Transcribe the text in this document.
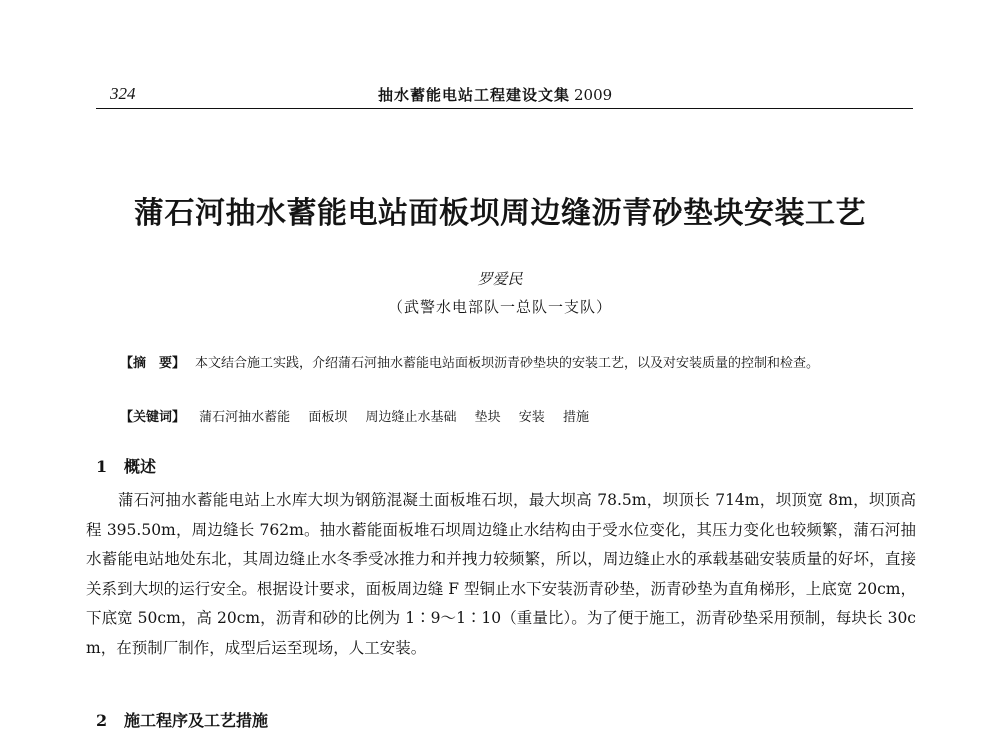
324	抽水蓄能电站工程建设文集 2009
蒲石河抽水蓄能电站面板坝周边缝沥青砂垫块安装工艺
罗爱民
（武警水电部队一总队一支队）
【摘　要】 本文结合施工实践，介绍蒲石河抽水蓄能电站面板坝沥青砂垫块的安装工艺，以及对安装质量的控制和检查。
【关键词】 蒲石河抽水蓄能 面板坝 周边缝止水基础 垫块 安装 措施
1 概述
蒲石河抽水蓄能电站上水库大坝为钢筋混凝土面板堆石坝，最大坝高 78.5m，坝顶长 714m，坝顶宽 8m，坝顶高程 395.50m，周边缝长 762m。抽水蓄能面板堆石坝周边缝止水结构由于受水位变化，其压力变化也较频繁，蒲石河抽水蓄能电站地处东北，其周边缝止水冬季受冰推力和并拽力较频繁，所以，周边缝止水的承载基础安装质量的好坏，直接关系到大坝的运行安全。根据设计要求，面板周边缝 F 型铜止水下安装沥青砂垫，沥青砂垫为直角梯形，上底宽 20cm，下底宽 50cm，高 20cm，沥青和砂的比例为 1∶9～1∶10（重量比）。为了便于施工，沥青砂垫采用预制，每块长 30cm，在预制厂制作，成型后运至现场，人工安装。
2 施工程序及工艺措施
